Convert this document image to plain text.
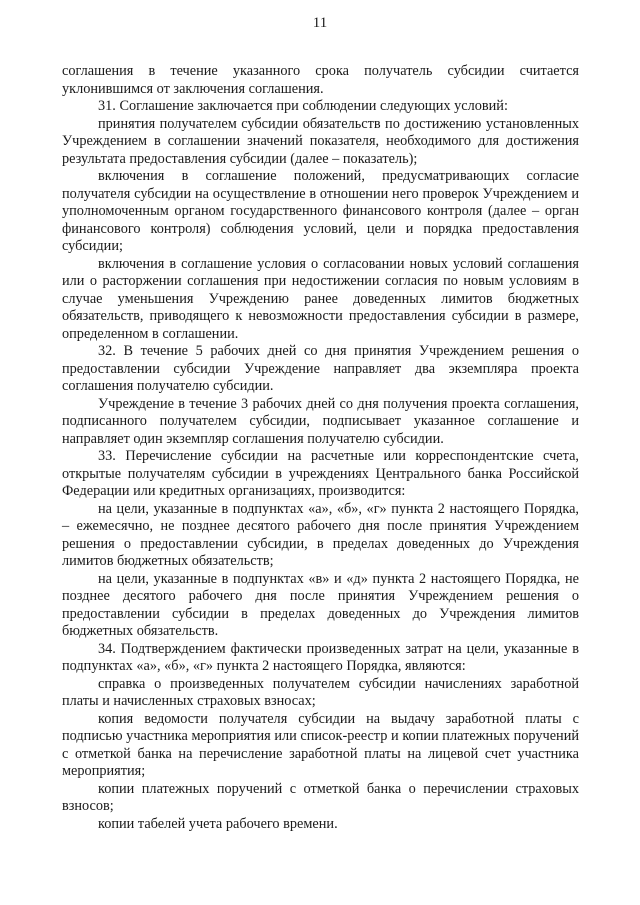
11

соглашения в течение указанного срока получатель субсидии считается уклонившимся от заключения соглашения.

31. Соглашение заключается при соблюдении следующих условий:

принятия получателем субсидии обязательств по достижению установленных Учреждением в соглашении значений показателя, необходимого для достижения результата предоставления субсидии (далее – показатель);

включения в соглашение положений, предусматривающих согласие получателя субсидии на осуществление в отношении него проверок Учреждением и уполномоченным органом государственного финансового контроля (далее – орган финансового контроля) соблюдения условий, цели и порядка предоставления субсидии;

включения в соглашение условия о согласовании новых условий соглашения или о расторжении соглашения при недостижении согласия по новым условиям в случае уменьшения Учреждению ранее доведенных лимитов бюджетных обязательств, приводящего к невозможности предоставления субсидии в размере, определенном в соглашении.

32. В течение 5 рабочих дней со дня принятия Учреждением решения о предоставлении субсидии Учреждение направляет два экземпляра проекта соглашения получателю субсидии.

Учреждение в течение 3 рабочих дней со дня получения проекта соглашения, подписанного получателем субсидии, подписывает указанное соглашение и направляет один экземпляр соглашения получателю субсидии.

33. Перечисление субсидии на расчетные или корреспондентские счета, открытые получателям субсидии в учреждениях Центрального банка Российской Федерации или кредитных организациях, производится:

на цели, указанные в подпунктах «а», «б», «г» пункта 2 настоящего Порядка, – ежемесячно, не позднее десятого рабочего дня после принятия Учреждением решения о предоставлении субсидии, в пределах доведенных до Учреждения лимитов бюджетных обязательств;

на цели, указанные в подпунктах «в» и «д» пункта 2 настоящего Порядка, не позднее десятого рабочего дня после принятия Учреждением решения о предоставлении субсидии в пределах доведенных до Учреждения лимитов бюджетных обязательств.

34. Подтверждением фактически произведенных затрат на цели, указанные в подпунктах «а», «б», «г» пункта 2 настоящего Порядка, являются:

справка о произведенных получателем субсидии начислениях заработной платы и начисленных страховых взносах;

копия ведомости получателя субсидии на выдачу заработной платы с подписью участника мероприятия или список-реестр и копии платежных поручений с отметкой банка на перечисление заработной платы на лицевой счет участника мероприятия;

копии платежных поручений с отметкой банка о перечислении страховых взносов;

копии табелей учета рабочего времени.
